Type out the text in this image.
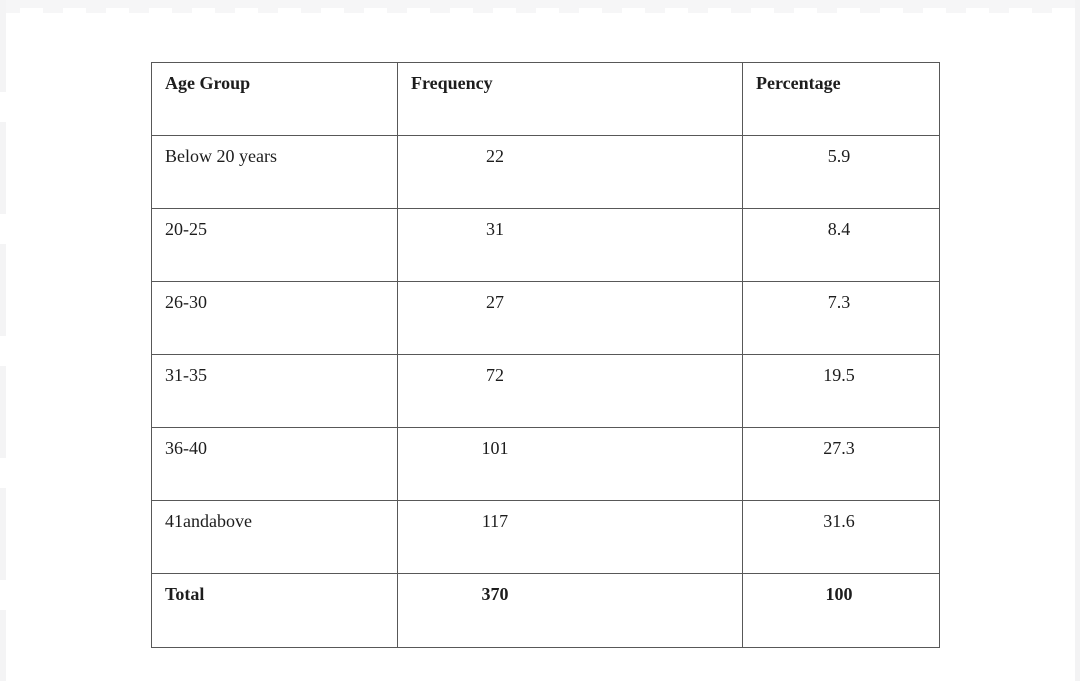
Age Group	Frequency	Percentage

Below 20 years	22	5.9

20-25	31	8.4

26-30	27	7.3

31-35	72	19.5

36-40	101	27.3

41andabove	117	31.6

Total	370	100
